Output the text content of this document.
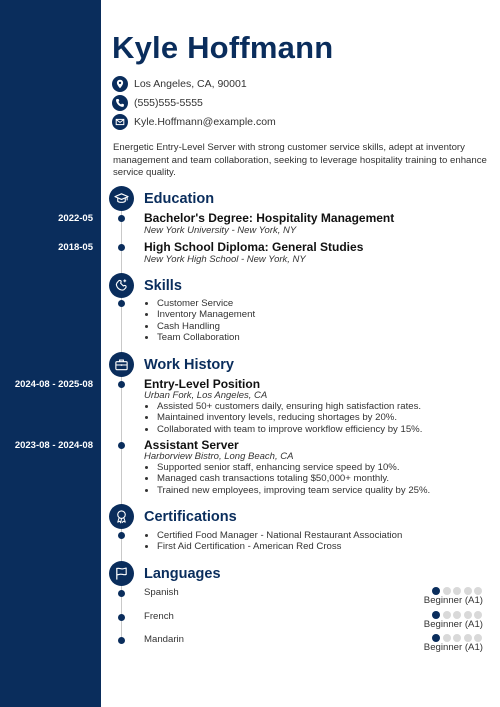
Kyle Hoffmann
Los Angeles, CA, 90001
(555)555-5555
Kyle.Hoffmann@example.com
Energetic Entry-Level Server with strong customer service skills, adept at inventory management and team collaboration, seeking to leverage hospitality training to enhance service quality.
Education
2022-05	Bachelor's Degree: Hospitality Management
New York University - New York, NY
2018-05	High School Diploma: General Studies
New York High School - New York, NY
Skills
• Customer Service
• Inventory Management
• Cash Handling
• Team Collaboration
Work History
2024-08 - 2025-08	Entry-Level Position
Urban Fork, Los Angeles, CA
• Assisted 50+ customers daily, ensuring high satisfaction rates.
• Maintained inventory levels, reducing shortages by 20%.
• Collaborated with team to improve workflow efficiency by 15%.
2023-08 - 2024-08	Assistant Server
Harborview Bistro, Long Beach, CA
• Supported senior staff, enhancing service speed by 10%.
• Managed cash transactions totaling $50,000+ monthly.
• Trained new employees, improving team service quality by 25%.
Certifications
• Certified Food Manager - National Restaurant Association
• First Aid Certification - American Red Cross
Languages
Spanish
Beginner (A1)
French
Beginner (A1)
Mandarin
Beginner (A1)
